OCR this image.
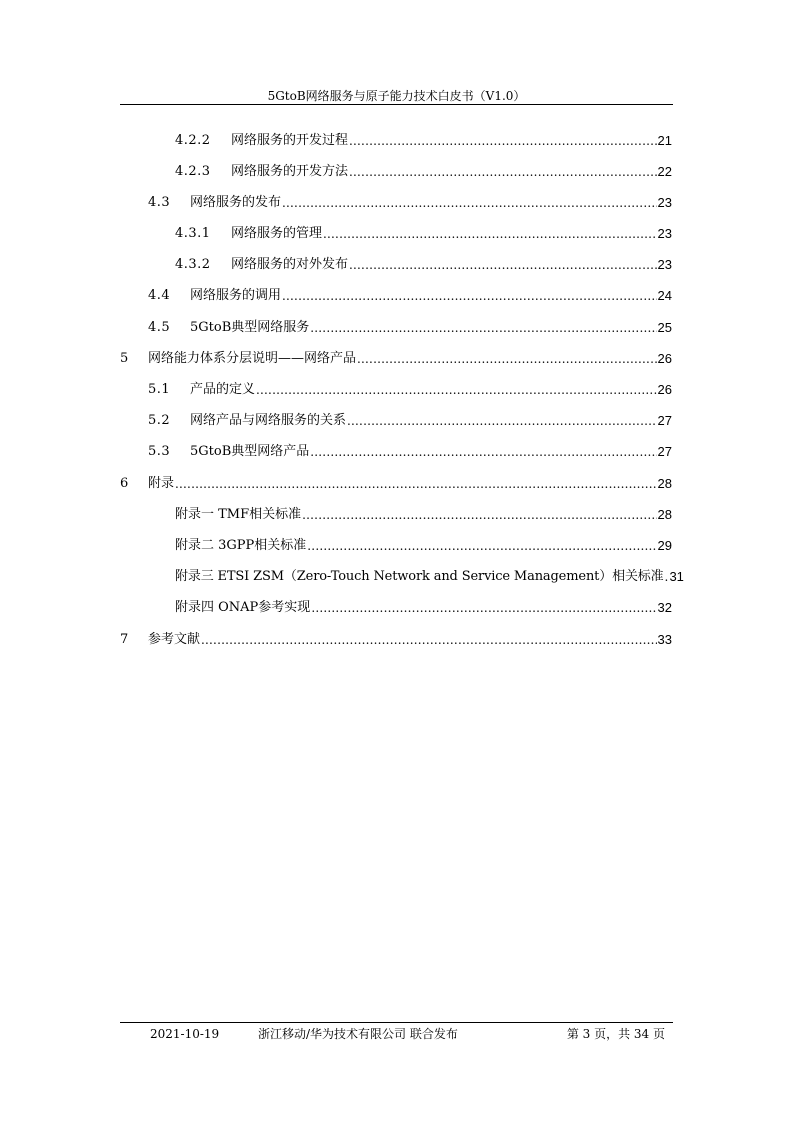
5GtoB网络服务与原子能力技术白皮书（V1.0）
4.2.2	网络服务的开发过程 .....	21
4.2.3	网络服务的开发方法 .....	22
4.3	网络服务的发布 .....	23
4.3.1	网络服务的管理 .....	23
4.3.2	网络服务的对外发布 .....	23
4.4	网络服务的调用 .....	24
4.5	5GtoB典型网络服务 .....	25
5	网络能力体系分层说明——网络产品 .....	26
5.1	产品的定义 .....	26
5.2	网络产品与网络服务的关系 .....	27
5.3	5GtoB典型网络产品 .....	27
6	附录 .....	28
附录一 TMF相关标准 .....	28
附录二 3GPP相关标准 .....	29
附录三 ETSI ZSM（Zero-Touch Network and Service Management）相关标准 ..... 31
附录四 ONAP参考实现 .....	32
7	参考文献 .....	33
2021-10-19	浙江移动/华为技术有限公司 联合发布	第 3 页，共 34 页
